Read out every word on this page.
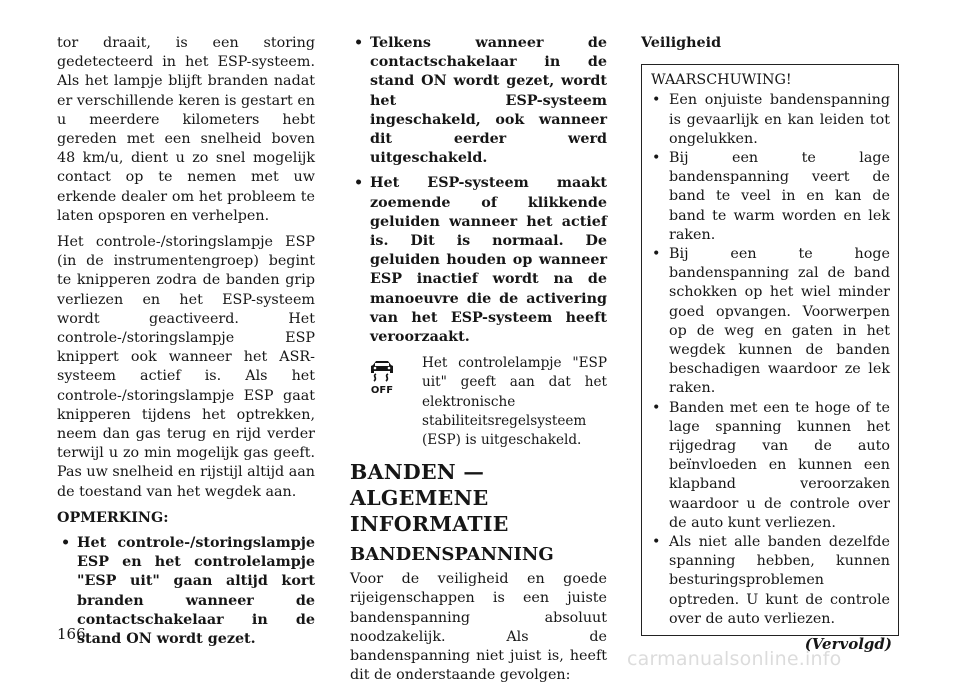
tor draait, is een storing gedetecteerd in het ESP-systeem. Als het lampje blijft branden nadat er verschillende keren is gestart en u meerdere kilometers hebt gereden met een snelheid boven 48 km/u, dient u zo snel mogelijk contact op te nemen met uw erkende dealer om het probleem te laten opsporen en verhelpen.

Het controle-/storingslampje ESP (in de instrumentengroep) begint te knipperen zodra de banden grip verliezen en het ESP-systeem wordt geactiveerd. Het controle-/storingslampje ESP knippert ook wanneer het ASR-systeem actief is. Als het controle-/storingslampje ESP gaat knipperen tijdens het optrekken, neem dan gas terug en rijd verder terwijl u zo min mogelijk gas geeft. Pas uw snelheid en rijstijl altijd aan de toestand van het wegdek aan.

OPMERKING:

• Het controle-/storingslampje ESP en het controlelampje "ESP uit" gaan altijd kort branden wanneer de contactschakelaar in de stand ON wordt gezet.
• Telkens wanneer de contactschakelaar in de stand ON wordt gezet, wordt het ESP-systeem ingeschakeld, ook wanneer dit eerder werd uitgeschakeld.
• Het ESP-systeem maakt zoemende of klikkende geluiden wanneer het actief is. Dit is normaal. De geluiden houden op wanneer ESP inactief wordt na de manoeuvre die de activering van het ESP-systeem heeft veroorzaakt.
OFF
Het controlelampje "ESP uit" geeft aan dat het elektronische stabiliteitsregelsysteem (ESP) is uitgeschakeld.
BANDEN — ALGEMENE INFORMATIE
BANDENSPANNING

Voor de veiligheid en goede rijeigenschappen is een juiste bandenspanning absoluut noodzakelijk. Als de bandenspanning niet juist is, heeft dit de onderstaande gevolgen:

Veiligheid

WAARSCHUWING!

• Een onjuiste bandenspanning is gevaarlijk en kan leiden tot ongelukken.
• Bij een te lage bandenspanning veert de band te veel in en kan de band te warm worden en lek raken.
• Bij een te hoge bandenspanning zal de band schokken op het wiel minder goed opvangen. Voorwerpen op de weg en gaten in het wegdek kunnen de banden beschadigen waardoor ze lek raken.
• Banden met een te hoge of te lage spanning kunnen het rijgedrag van de auto beïnvloeden en kunnen een klapband veroorzaken waardoor u de controle over de auto kunt verliezen.
• Als niet alle banden dezelfde spanning hebben, kunnen besturingsproblemen optreden. U kunt de controle over de auto verliezen.
(Vervolgd)
166
carmanualsonline.info
